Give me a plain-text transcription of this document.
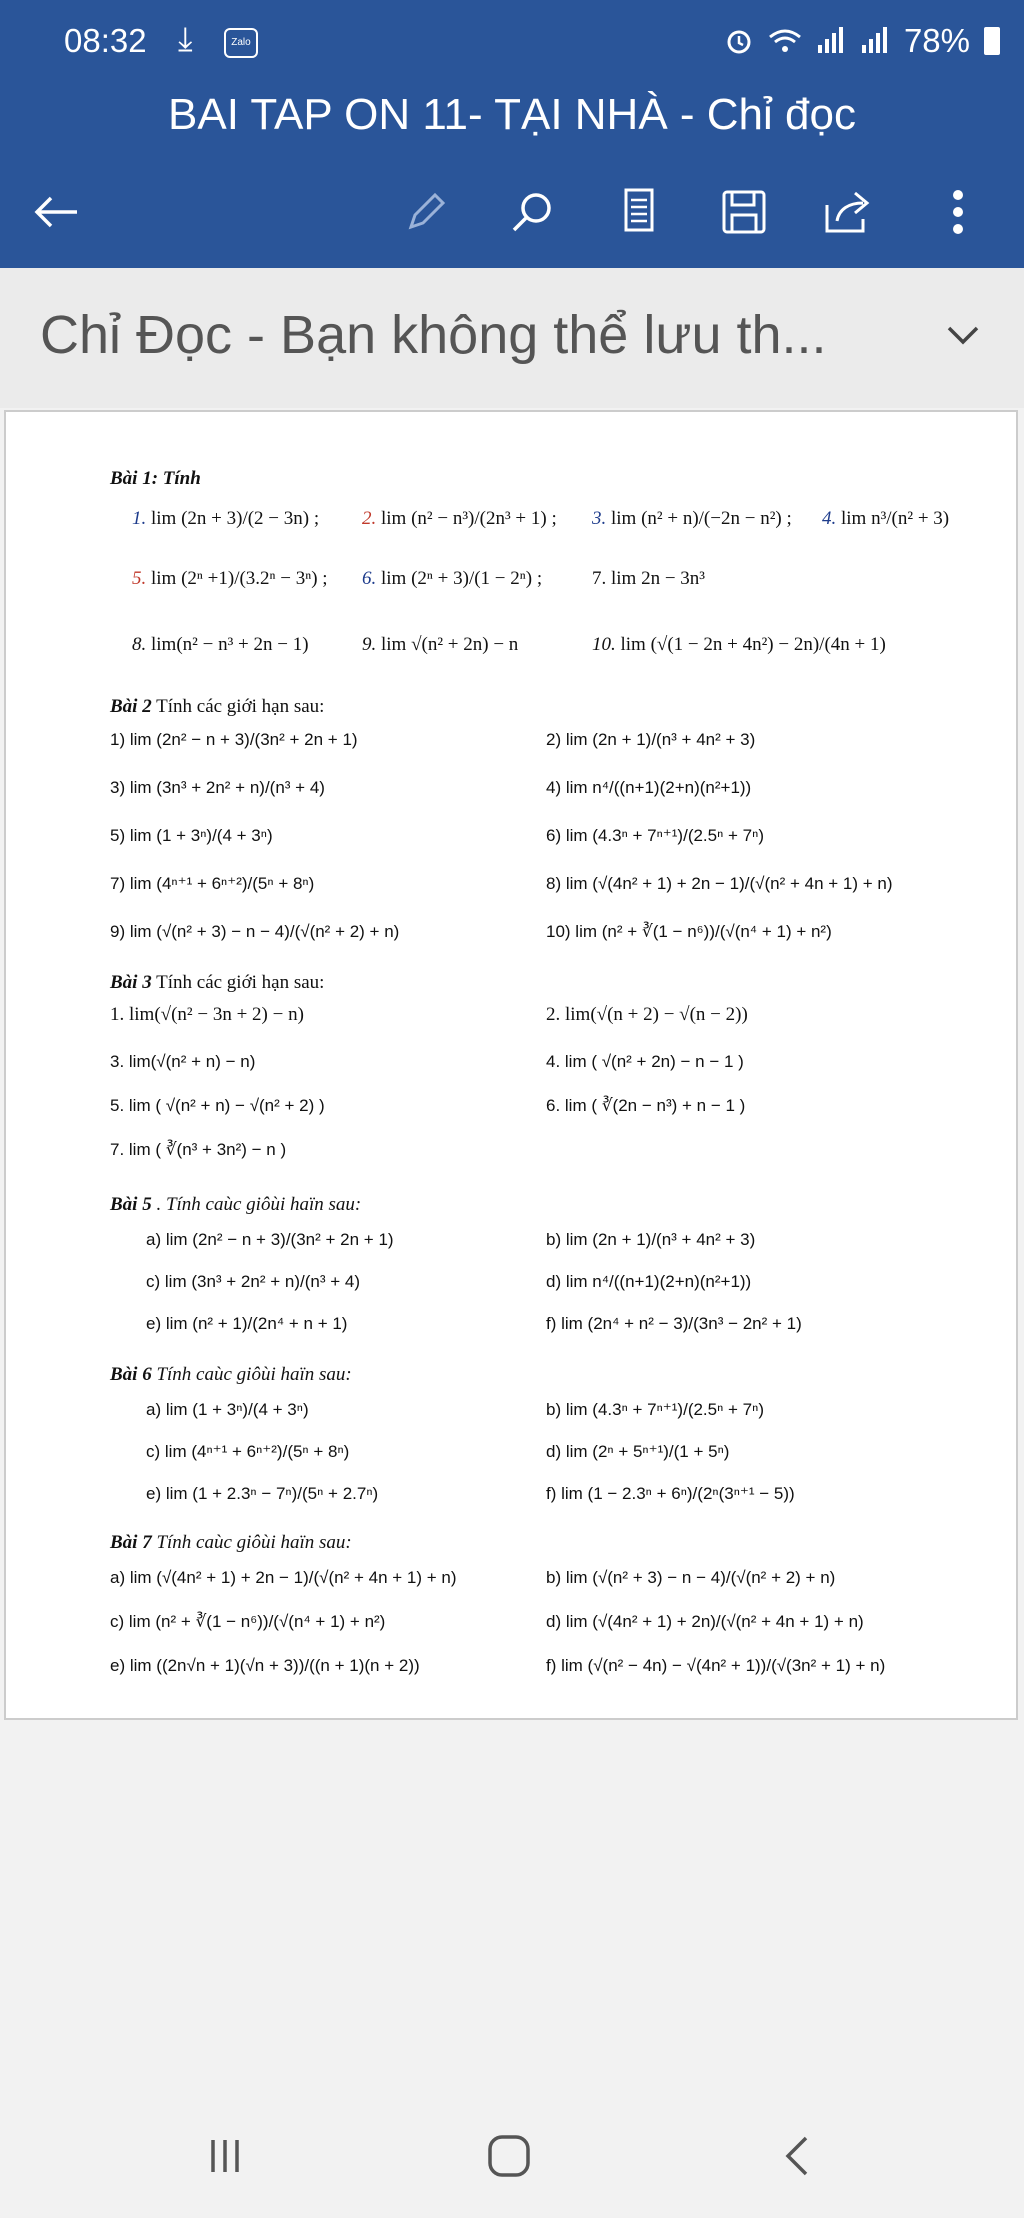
08:32 ⤓	Zalo	78%
BAI TAP ON 11- TẠI NHÀ - Chỉ đọc
Chỉ Đọc - Bạn không thể lưu th...
Bài 1: Tính
1. lim (2n + 3)/(2 − 3n) ; 2. lim (n² − n³)/(2n³ + 1) ; 3. lim (n² + n)/(−2n − n²) ; 4. lim n³/(n² + 3)
5. lim (2ⁿ +1)/(3.2ⁿ − 3ⁿ) ; 6. lim (2ⁿ + 3)/(1 − 2ⁿ) ;	7. lim 2n − 3n³
8. lim(n² − n³ + 2n − 1)	9. lim √(n² + 2n) − n	10. lim (√(1 − 2n + 4n²) − 2n)/(4n + 1)
Bài 2 Tính các giới hạn sau:
1) lim (2n² − n + 3)/(3n² + 2n + 1)	2) lim (2n + 1)/(n³ + 4n² + 3)
3) lim (3n³ + 2n² + n)/(n³ + 4)	4) lim n⁴/((n+1)(2+n)(n²+1))
5) lim (1 + 3ⁿ)/(4 + 3ⁿ)	6) lim (4.3ⁿ + 7ⁿ⁺¹)/(2.5ⁿ + 7ⁿ)
7) lim (4ⁿ⁺¹ + 6ⁿ⁺²)/(5ⁿ + 8ⁿ)	8) lim (√(4n² + 1) + 2n − 1)/(√(n² + 4n + 1) + n)
9) lim (√(n² + 3) − n − 4)/(√(n² + 2) + n)	10) lim (n² + ∛(1 − n⁶))/(√(n⁴ + 1) + n²)
Bài 3 Tính các giới hạn sau:
1. lim(√(n² − 3n + 2) − n)	2. lim(√(n + 2) − √(n − 2))
3. lim(√(n² + n) − n)	4. lim ( √(n² + 2n) − n − 1 )
5. lim ( √(n² + n) − √(n² + 2) )	6. lim ( ∛(2n − n³) + n − 1 )
7. lim ( ∛(n³ + 3n²) − n )
Bài 5 . Tính caùc giôùi haïn sau:
a) lim (2n² − n + 3)/(3n² + 2n + 1)	b) lim (2n + 1)/(n³ + 4n² + 3)
c) lim (3n³ + 2n² + n)/(n³ + 4)	d) lim n⁴/((n+1)(2+n)(n²+1))
e) lim (n² + 1)/(2n⁴ + n + 1)	f) lim (2n⁴ + n² − 3)/(3n³ − 2n² + 1)
Bài 6 Tính caùc giôùi haïn sau:
a) lim (1 + 3ⁿ)/(4 + 3ⁿ)	b) lim (4.3ⁿ + 7ⁿ⁺¹)/(2.5ⁿ + 7ⁿ)
c) lim (4ⁿ⁺¹ + 6ⁿ⁺²)/(5ⁿ + 8ⁿ)	d) lim (2ⁿ + 5ⁿ⁺¹)/(1 + 5ⁿ)
e) lim (1 + 2.3ⁿ − 7ⁿ)/(5ⁿ + 2.7ⁿ)	f) lim (1 − 2.3ⁿ + 6ⁿ)/(2ⁿ(3ⁿ⁺¹ − 5))
Bài 7 Tính caùc giôùi haïn sau:
a) lim (√(4n² + 1) + 2n − 1)/(√(n² + 4n + 1) + n)	b) lim (√(n² + 3) − n − 4)/(√(n² + 2) + n)
c) lim (n² + ∛(1 − n⁶))/(√(n⁴ + 1) + n²)	d) lim (√(4n² + 1) + 2n)/(√(n² + 4n + 1) + n)
e) lim ((2n√n + 1)(√n + 3))/((n + 1)(n + 2))	f) lim (√(n² − 4n) − √(4n² + 1))/(√(3n² + 1) + n)
